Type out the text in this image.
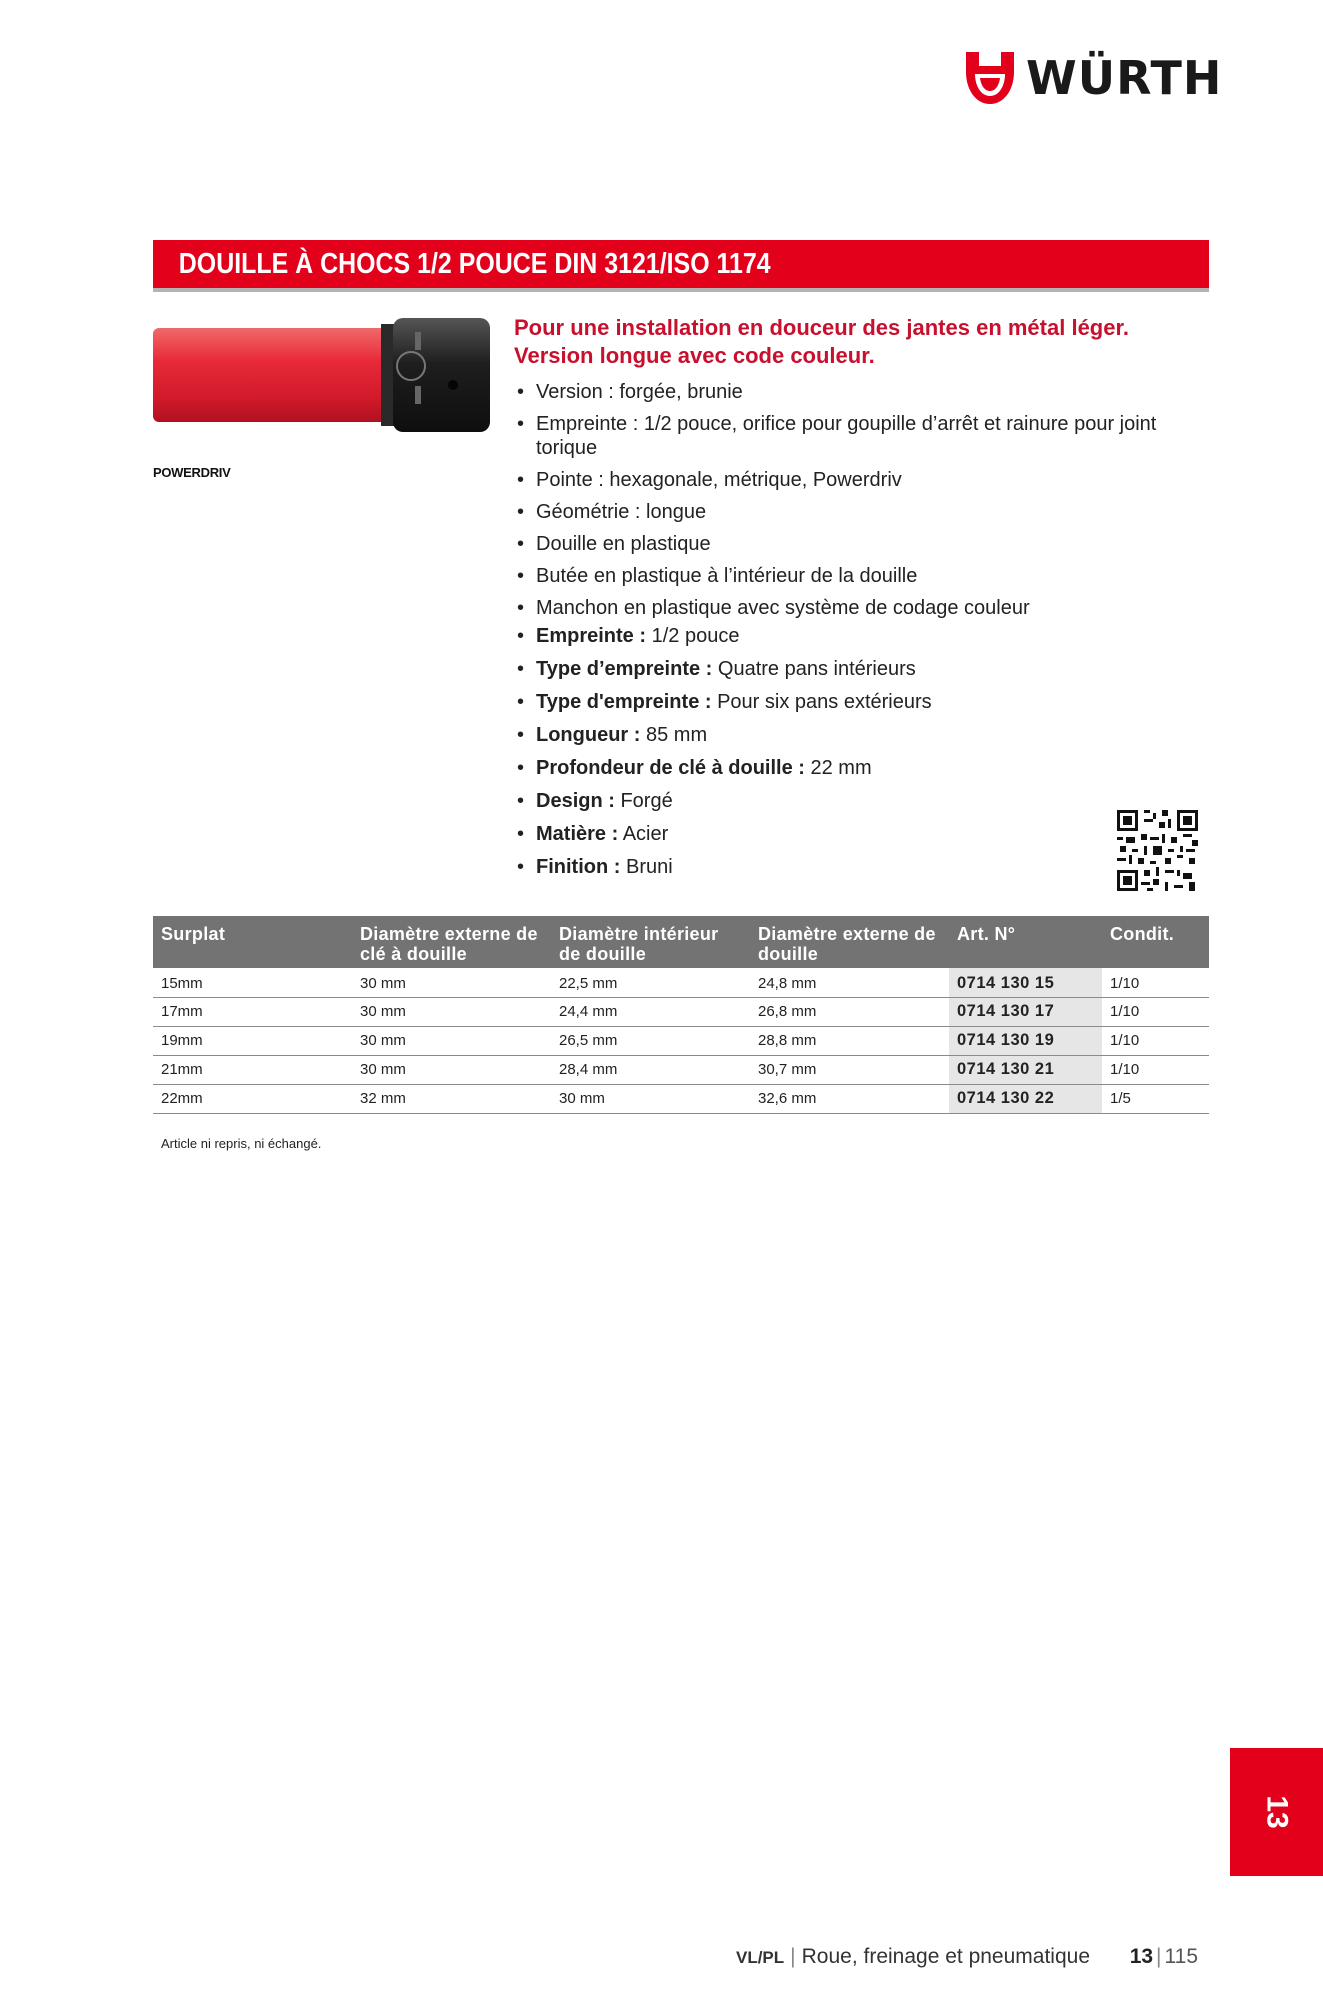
WÜRTH
DOUILLE À CHOCS 1/2 POUCE DIN 3121/ISO 1174
POWERDRIV
Pour une installation en douceur des jantes en métal léger.
Version longue avec code couleur.
• Version : forgée, brunie
• Empreinte : 1/2 pouce, orifice pour goupille d’arrêt et rainure pour joint torique
• Pointe : hexagonale, métrique, Powerdriv
• Géométrie : longue
• Douille en plastique
• Butée en plastique à l’intérieur de la douille
• Manchon en plastique avec système de codage couleur
• Empreinte : 1/2 pouce
• Type d’empreinte : Quatre pans intérieurs
• Type d'empreinte : Pour six pans extérieurs
• Longueur : 85 mm
• Profondeur de clé à douille : 22 mm
• Design : Forgé
• Matière : Acier
• Finition : Bruni
Surplat	Diamètre externe de clé à douille	Diamètre intérieur de douille	Diamètre externe de douille	Art. N°	Condit.
15mm	30 mm	22,5 mm	24,8 mm	0714 130 15	1/10
17mm	30 mm	24,4 mm	26,8 mm	0714 130 17	1/10
19mm	30 mm	26,5 mm	28,8 mm	0714 130 19	1/10
21mm	30 mm	28,4 mm	30,7 mm	0714 130 21	1/10
22mm	32 mm	30 mm	32,6 mm	0714 130 22	1/5
Article ni repris, ni échangé.
13
VL/PL | Roue, freinage et pneumatique 13 | 115
